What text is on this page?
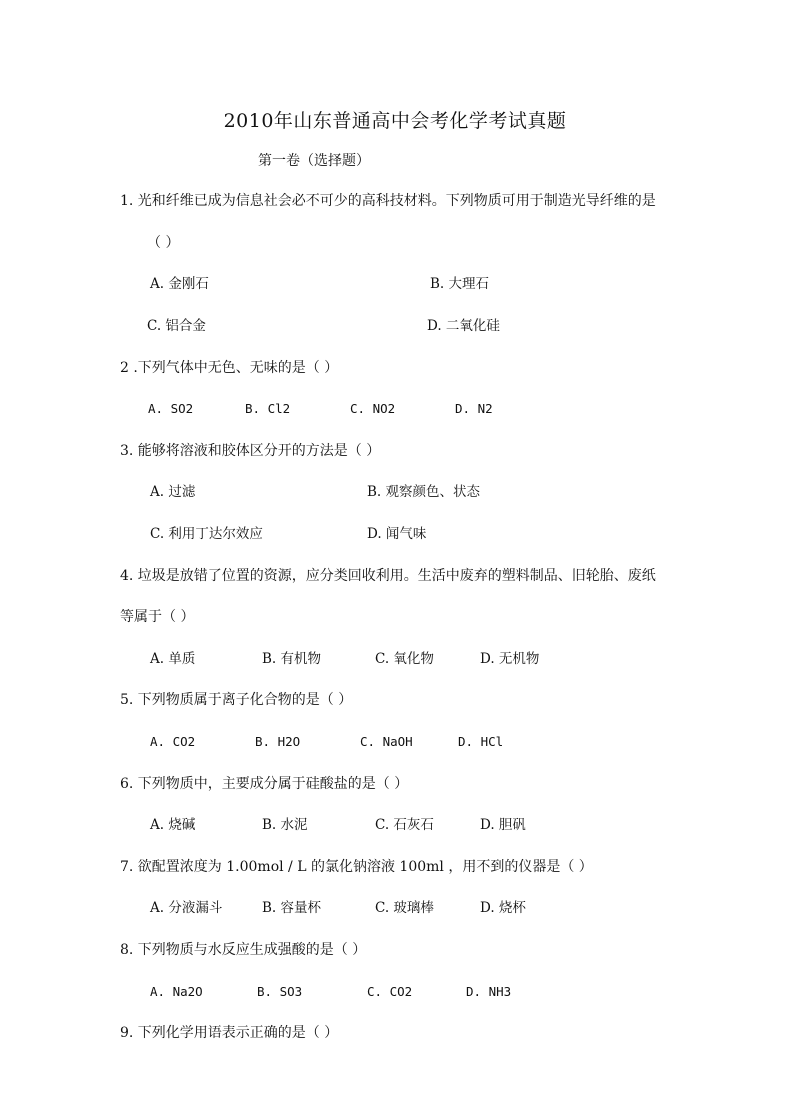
2010年山东普通高中会考化学考试真题
第一卷（选择题）
1. 光和纤维已成为信息社会必不可少的高科技材料。下列物质可用于制造光导纤维的是
（ ）
A. 金刚石	B. 大理石
C. 铝合金	D. 二氧化硅
2 .下列气体中无色、无味的是（ ）
A. SO2	B. Cl2	C. NO2	D. N2
3. 能够将溶液和胶体区分开的方法是（ ）
A. 过滤	B. 观察颜色、状态
C. 利用丁达尔效应	D. 闻气味
4. 垃圾是放错了位置的资源，应分类回收利用。生活中废弃的塑料制品、旧轮胎、废纸
等属于（ ）
A. 单质	B. 有机物	C. 氧化物	D. 无机物
5. 下列物质属于离子化合物的是（ ）
A. CO2	B. H2O	C. NaOH	D. HCl
6. 下列物质中，主要成分属于硅酸盐的是（ ）
A. 烧碱	B. 水泥	C. 石灰石	D. 胆矾
7. 欲配置浓度为 1.00mol / L 的氯化钠溶液 100ml ，用不到的仪器是（ ）
A. 分液漏斗	B. 容量杯	C. 玻璃棒	D. 烧杯
8. 下列物质与水反应生成强酸的是（ ）
A. Na2O	B. SO3	C. CO2	D. NH3
9. 下列化学用语表示正确的是（ ）
